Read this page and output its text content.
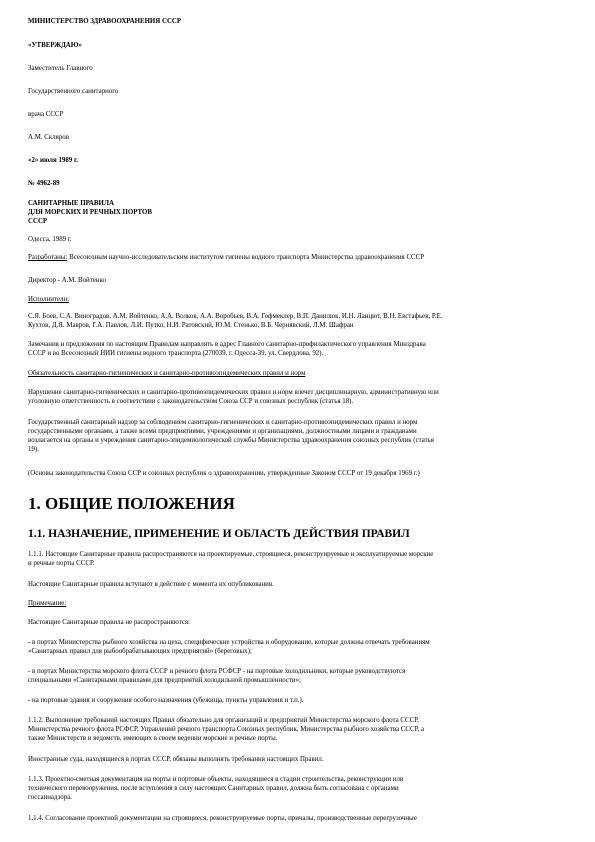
МИНИСТЕРСТВО ЗДРАВООХРАНЕНИЯ СССР

«УТВЕРЖДАЮ»

Заместитель Главного

Государственного санитарного

врача СССР

А.М. Скляров

«2» июля 1989 г.

№ 4962-89

САНИТАРНЫЕ ПРАВИЛА
ДЛЯ МОРСКИХ И РЕЧНЫХ ПОРТОВ
СССР

Одесса, 1989 г.

Разработаны: Всесоюзным научно-исследовательским институтом гигиены водного транспорта Министерства здравоохранения СССР

Директор - А.М. Войтенко

Исполнители:

С.Я. Боев, С.А. Виноградов, А.М. Войтенко, А.А. Волков, А.А. Воробьев, В.А. Гофмеклер, В.П. Данилюк, И.Н. Ланцют, В.Н. Евстафьев, Р.Е.
Кухтов, Д.Я. Мавров, Г.А. Павлов, Л.И. Путко, Н.И. Ратовский, Ю.М. Стенько, В.Б. Чернявский, Л.М. Шафран
Замечания и предложения по настоящим Правилам направлять в адрес Главного санитарно-профилактического управления Минздрава
СССР и во Всесоюзный НИИ гигиены водного транспорта (270039, г. Одесса-39, ул. Свердлова, 92).

Обязательность санитарно-гигиенических и санитарно-противоэпидемических правил и норм

Нарушение санитарно-гигиенических и санитарно-противоэпидемических правил и норм влечет дисциплинарную, административную или
уголовную ответственность в соответствии с законодательством Союза ССР и союзных республик (статья 18).
Государственный санитарный надзор за соблюдением санитарно-гигиенических и санитарно-противоэпидемических правил и норм
государственными органами, а также всеми предприятиями, учреждениями и организациями, должностными лицами и гражданами
возлагается на органы и учреждения санитарно-эпидемиологической службы Министерства здравоохранения союзных республик (статья
19).

(Основы законодательства Союза ССР и союзных республик о здравоохранении, утвержденные Законом СССР от 19 декабря 1969 г.)

1. ОБЩИЕ ПОЛОЖЕНИЯ
1.1. НАЗНАЧЕНИЕ, ПРИМЕНЕНИЕ И ОБЛАСТЬ ДЕЙСТВИЯ ПРАВИЛ
1.1.1. Настоящие Санитарные правила распространяются на проектируемые, строящиеся, реконструируемые и эксплуатируемые морские
и речные порты СССР.

Настоящие Санитарные правила вступают в действие с момента их опубликования.

Примечание:

Настоящие Санитарные правила не распространяются:

- в портах Министерства рыбного хозяйства на цеха, специфические устройства и оборудование, которые должны отвечать требованиям
«Санитарных правил для рыбообрабатывающих предприятий» (береговых);
- в портах Министерства морского флота СССР и речного флота РСФСР - на портовые холодильники, которые руководствуются
специальными «Санитарными правилами для предприятий холодильной промышленности»;

- на портовые здания и сооружения особого назначения (убежища, пункты управления и т.п.).

1.1.2. Выполнение требований настоящих Правил обязательно для организаций и предприятий Министерства морского флота СССР,
Министерства речного флота РСФСР, Управлений речного транспорта Союзных республик, Министерства рыбного хозяйства СССР, а
также Министерств и ведомств, имеющих в своем ведении морские и речные порты.

Иностранные суда, находящиеся в портах СССР, обязаны выполнять требования настоящих Правил.

1.1.3. Проектно-сметная документация на порты и портовые объекты, находящиеся в стадии строительства, реконструкции или
технического перевооружения, после вступления в силу настоящих Санитарных правил, должна быть согласована с органами
госсаннадзора.

1.1.4. Согласование проектной документации на строящиеся, реконструируемые порты, причалы, производственные перегрузочные
